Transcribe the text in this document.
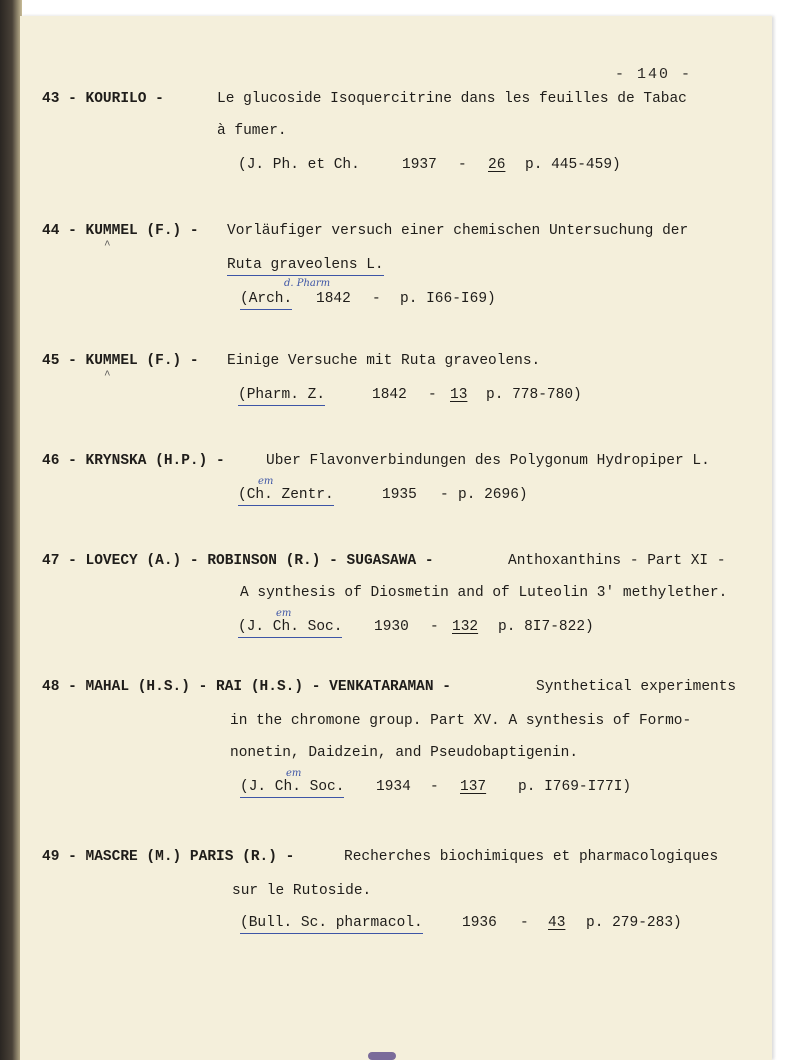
- 140 -
43 - KOURILO -	Le glucoside Isoquercitrine dans les feuilles de Tabac
à fumer.
(J. Ph. et Ch.	1937 - 26 p. 445-459)
44 - KUMMEL (F.) -
^
Vorläufiger versuch einer chemischen Untersuchung der
Ruta graveolens L.
d. Pharm
(Arch. 1842 - p. I66-I69)
45 - KUMMEL (F.) -
^
Einige Versuche mit Ruta graveolens.
(Pharm. Z.	1842 - 13 p. 778-780)
46 - KRYNSKA (H.P.) -	Uber Flavonverbindungen des Polygonum Hydropiper L.
em
(Ch. Zentr.	1935 - p. 2696)
47 - LOVECY (A.) - ROBINSON (R.) - SUGASAWA -	Anthoxanthins - Part XI -
A synthesis of Diosmetin and of Luteolin 3' methylether.
em
(J. Ch. Soc. 1930 - 132 p. 8I7-822)
48 - MAHAL (H.S.) - RAI (H.S.) - VENKATARAMAN -	Synthetical experiments
in the chromone group. Part XV. A synthesis of Formo-
nonetin, Daidzein, and Pseudobaptigenin.
em
(J. Ch. Soc. 1934 - 137 p. I769-I77I)
49 - MASCRE (M.) PARIS (R.) -	Recherches biochimiques et pharmacologiques
sur le Rutoside.
(Bull. Sc. pharmacol.	1936 - 43 p. 279-283)
